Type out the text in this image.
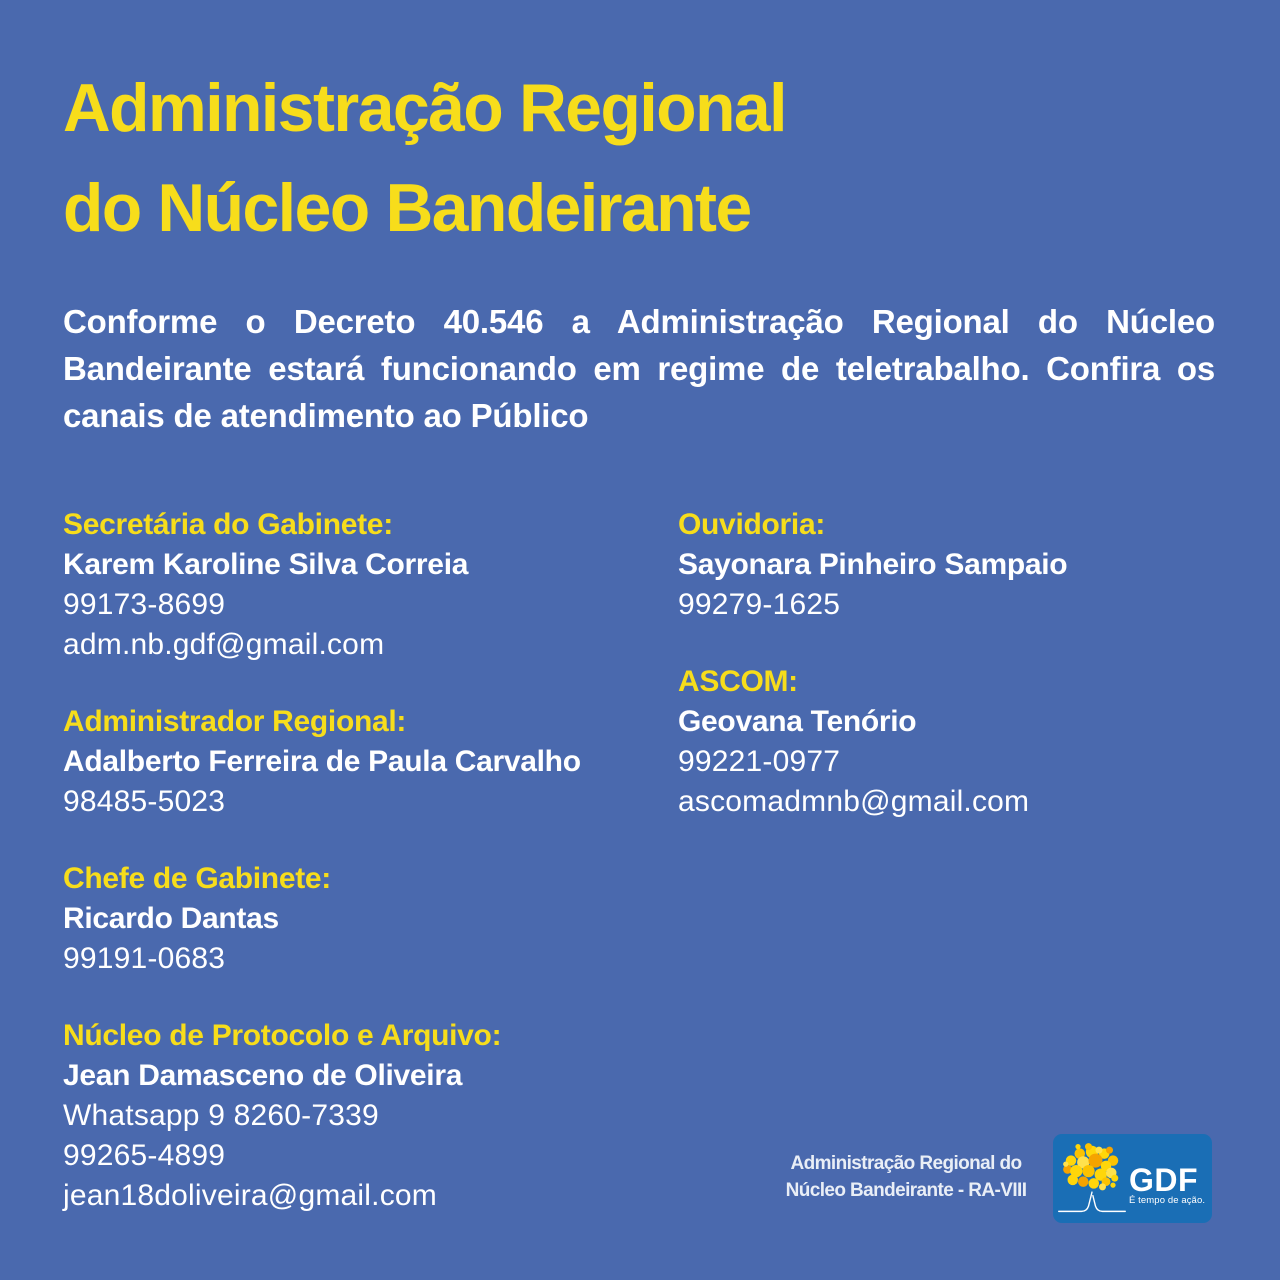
Administração Regional
do Núcleo Bandeirante
Conforme o Decreto 40.546 a Administração Regional do Núcleo Bandeirante estará funcionando em regime de teletrabalho. Confira os canais de atendimento ao Público
Secretária do Gabinete:
Karem Karoline Silva Correia
99173-8699
adm.nb.gdf@gmail.com
Administrador Regional:
Adalberto Ferreira de Paula Carvalho
98485-5023
Chefe de Gabinete:
Ricardo Dantas
99191-0683
Núcleo de Protocolo e Arquivo:
Jean Damasceno de Oliveira
Whatsapp 9 8260-7339
99265-4899
jean18doliveira@gmail.com
Ouvidoria:
Sayonara Pinheiro Sampaio
99279-1625
ASCOM:
Geovana Tenório
99221-0977
ascomadmnb@gmail.com
Administração Regional do
Núcleo Bandeirante - RA-VIII	GDF
É tempo de ação.
